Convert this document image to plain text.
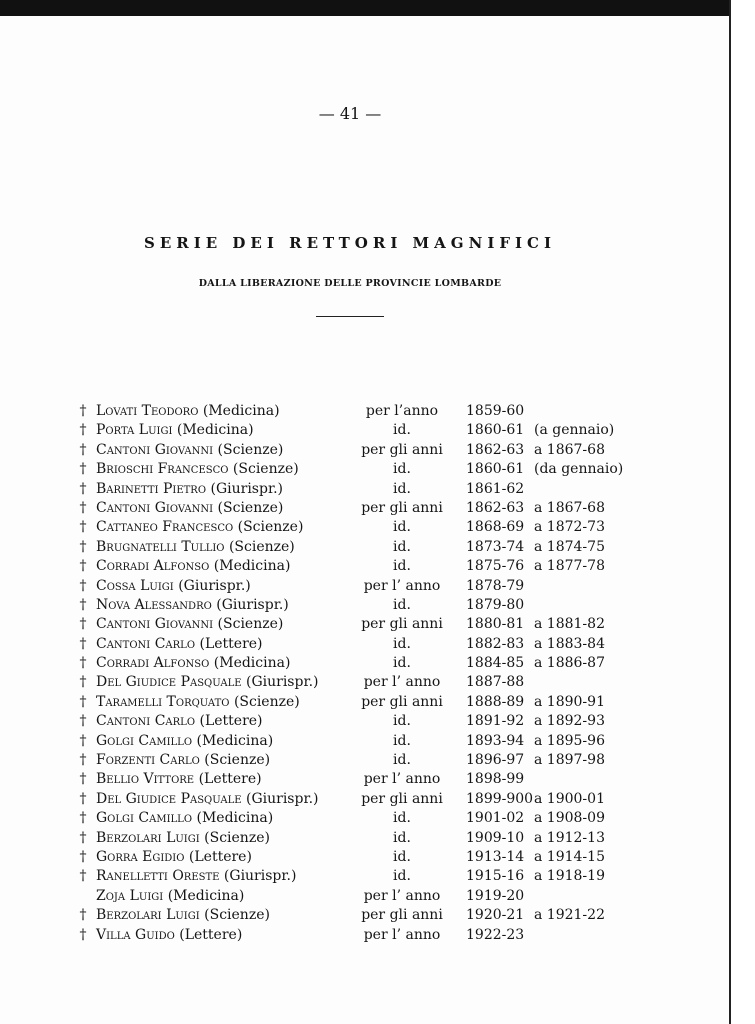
— 41 —
SERIE DEI RETTORI MAGNIFICI
DALLA LIBERAZIONE DELLE PROVINCIE LOMBARDE
† Lovati Teodoro (Medicina)	per l’anno	1859-60
† Porta Luigi (Medicina)	id.	1860-61 (a gennaio)
† Cantoni Giovanni (Scienze)	per gli anni	1862-63 a 1867-68
† Brioschi Francesco (Scienze)	id.	1860-61 (da gennaio)
† Barinetti Pietro (Giurispr.)	id.	1861-62
† Cantoni Giovanni (Scienze)	per gli anni	1862-63 a 1867-68
† Cattaneo Francesco (Scienze)	id.	1868-69 a 1872-73
† Brugnatelli Tullio (Scienze)	id.	1873-74 a 1874-75
† Corradi Alfonso (Medicina)	id.	1875-76 a 1877-78
† Cossa Luigi (Giurispr.)	per l’ anno	1878-79
† Nova Alessandro (Giurispr.)	id.	1879-80
† Cantoni Giovanni (Scienze)	per gli anni	1880-81 a 1881-82
† Cantoni Carlo (Lettere)	id.	1882-83 a 1883-84
† Corradi Alfonso (Medicina)	id.	1884-85 a 1886-87
† Del Giudice Pasquale (Giurispr.)	per l’ anno	1887-88
† Taramelli Torquato (Scienze)	per gli anni	1888-89 a 1890-91
† Cantoni Carlo (Lettere)	id.	1891-92 a 1892-93
† Golgi Camillo (Medicina)	id.	1893-94 a 1895-96
† Forzenti Carlo (Scienze)	id.	1896-97 a 1897-98
† Bellio Vittore (Lettere)	per l’ anno	1898-99
† Del Giudice Pasquale (Giurispr.)	per gli anni	1899-900 a 1900-01
† Golgi Camillo (Medicina)	id.	1901-02 a 1908-09
† Berzolari Luigi (Scienze)	id.	1909-10 a 1912-13
† Gorra Egidio (Lettere)	id.	1913-14 a 1914-15
† Ranelletti Oreste (Giurispr.)	id.	1915-16 a 1918-19
Zoja Luigi (Medicina)	per l’ anno	1919-20
† Berzolari Luigi (Scienze)	per gli anni	1920-21 a 1921-22
† Villa Guido (Lettere)	per l’ anno	1922-23
